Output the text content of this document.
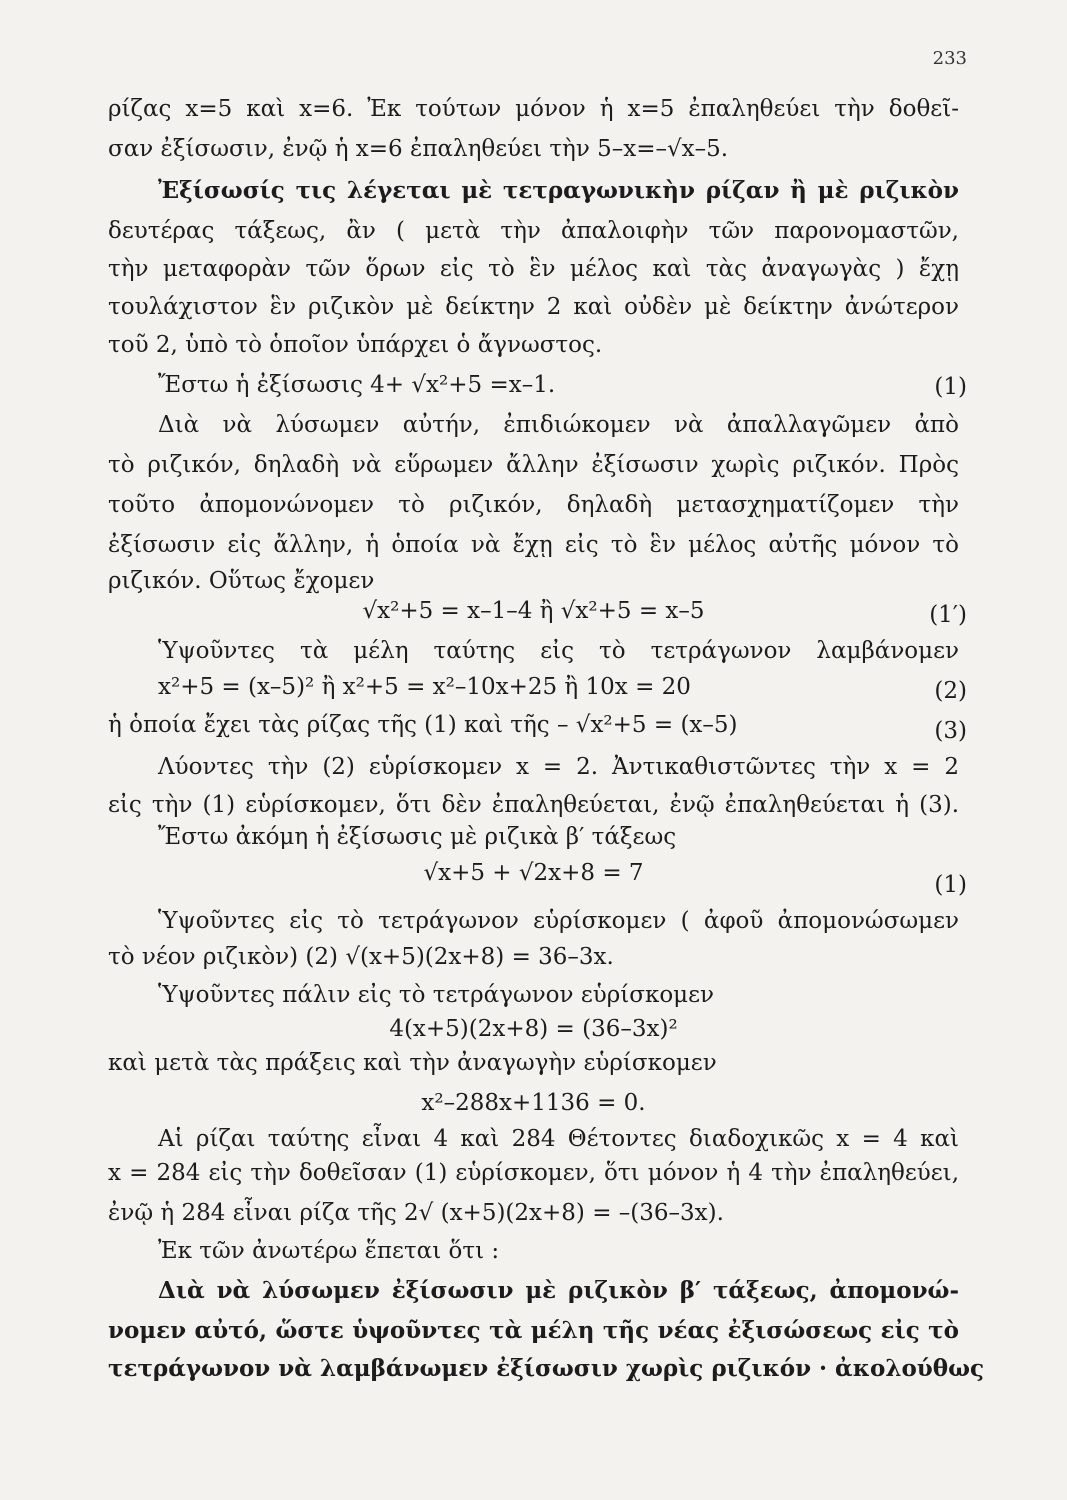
233
ρίζας x=5 καὶ x=6. Ἐκ τούτων μόνον ἡ x=5 ἐπαληθεύει τὴν δοθεῖ-
σαν ἐξίσωσιν, ἐνῷ ἡ x=6 ἐπαληθεύει τὴν 5–x=–√x–5.
Ἐξίσωσίς τις λέγεται μὲ τετραγωνικὴν ρίζαν ἢ μὲ ριζικὸν
δευτέρας τάξεως, ἂν ( μετὰ τὴν ἀπαλοιφὴν τῶν παρονομαστῶν,
τὴν μεταφορὰν τῶν ὅρων εἰς τὸ ἓν μέλος καὶ τὰς ἀναγωγὰς ) ἔχῃ
τουλάχιστον ἓν ριζικὸν μὲ δείκτην 2 καὶ οὐδὲν μὲ δείκτην ἀνώτερον
τοῦ 2, ὑπὸ τὸ ὁποῖον ὑπάρχει ὁ ἄγνωστος.
Ἔστω ἡ ἐξίσωσις 4+ √x²+5 =x–1.	(1)
Διὰ νὰ λύσωμεν αὐτήν, ἐπιδιώκομεν νὰ ἀπαλλαγῶμεν ἀπὸ
τὸ ριζικόν, δηλαδὴ νὰ εὕρωμεν ἄλλην ἐξίσωσιν χωρὶς ριζικόν. Πρὸς
τοῦτο ἀπομονώνομεν τὸ ριζικόν, δηλαδὴ μετασχηματίζομεν τὴν
ἐξίσωσιν εἰς ἄλλην, ἡ ὁποία νὰ ἔχῃ εἰς τὸ ἓν μέλος αὐτῆς μόνον τὸ
ριζικόν. Οὕτως ἔχομεν
√x²+5 = x–1–4 ἢ √x²+5 = x–5	(1′)
Ὑψοῦντες τὰ μέλη ταύτης εἰς τὸ τετράγωνον λαμβάνομεν
x²+5 = (x–5)² ἢ x²+5 = x²–10x+25 ἢ 10x = 20	(2)
ἡ ὁποία ἔχει τὰς ρίζας τῆς (1) καὶ τῆς – √x²+5 = (x–5)	(3)
Λύοντες τὴν (2) εὑρίσκομεν x = 2. Ἀντικαθιστῶντες τὴν x = 2
εἰς τὴν (1) εὑρίσκομεν, ὅτι δὲν ἐπαληθεύεται, ἐνῷ ἐπαληθεύεται ἡ (3).
Ἔστω ἀκόμη ἡ ἐξίσωσις μὲ ριζικὰ β′ τάξεως
√x+5 + √2x+8 = 7	(1)
Ὑψοῦντες εἰς τὸ τετράγωνον εὑρίσκομεν ( ἀφοῦ ἀπομονώσωμεν
τὸ νέον ριζικὸν) (2) √(x+5)(2x+8) = 36–3x.
Ὑψοῦντες πάλιν εἰς τὸ τετράγωνον εὑρίσκομεν
4(x+5)(2x+8) = (36–3x)²
καὶ μετὰ τὰς πράξεις καὶ τὴν ἀναγωγὴν εὑρίσκομεν
x²–288x+1136 = 0.
Αἱ ρίζαι ταύτης εἶναι 4 καὶ 284 Θέτοντες διαδοχικῶς x = 4 καὶ
x = 284 εἰς τὴν δοθεῖσαν (1) εὑρίσκομεν, ὅτι μόνον ἡ 4 τὴν ἐπαληθεύει,
ἐνῷ ἡ 284 εἶναι ρίζα τῆς 2√ (x+5)(2x+8) = –(36–3x).
Ἐκ τῶν ἀνωτέρω ἕπεται ὅτι :
Διὰ νὰ λύσωμεν ἐξίσωσιν μὲ ριζικὸν β′ τάξεως, ἀπομονώ-
νομεν αὐτό, ὥστε ὑψοῦντες τὰ μέλη τῆς νέας ἐξισώσεως εἰς τὸ
τετράγωνον νὰ λαμβάνωμεν ἐξίσωσιν χωρὶς ριζικόν · ἀκολούθως
